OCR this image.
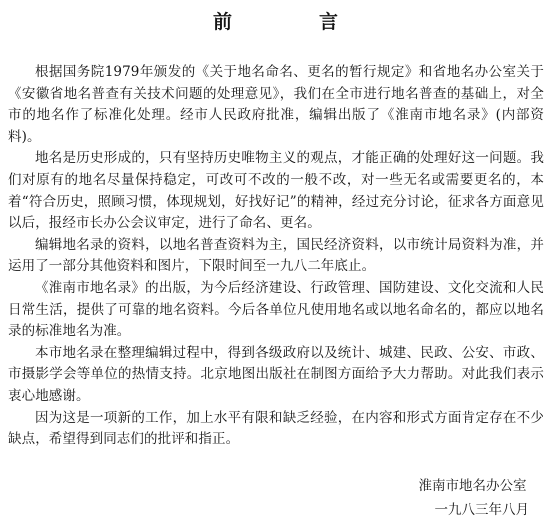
前　言

根据国务院1979年颁发的《关于地名命名、更名的暂行规定》和省地名办公室关于《安徽省地名普查有关技术问题的处理意见》，我们在全市进行地名普查的基础上，对全市的地名作了标准化处理。经市人民政府批准，编辑出版了《淮南市地名录》(内部资料)。

地名是历史形成的，只有坚持历史唯物主义的观点，才能正确的处理好这一问题。我们对原有的地名尽量保持稳定，可改可不改的一般不改，对一些无名或需要更名的，本着“符合历史，照顾习惯，体现规划，好找好记”的精神，经过充分讨论，征求各方面意见以后，报经市长办公会议审定，进行了命名、更名。

编辑地名录的资料，以地名普查资料为主，国民经济资料，以市统计局资料为准，并运用了一部分其他资料和图片，下限时间至一九八二年底止。

《淮南市地名录》的出版，为今后经济建设、行政管理、国防建设、文化交流和人民日常生活，提供了可靠的地名资料。今后各单位凡使用地名或以地名命名的，都应以地名录的标准地名为准。

本市地名录在整理编辑过程中，得到各级政府以及统计、城建、民政、公安、市政、市摄影学会等单位的热情支持。北京地图出版社在制图方面给予大力帮助。对此我们表示衷心地感谢。

因为这是一项新的工作，加上水平有限和缺乏经验，在内容和形式方面肯定存在不少缺点，希望得到同志们的批评和指正。

淮南市地名办公室
一九八三年八月
